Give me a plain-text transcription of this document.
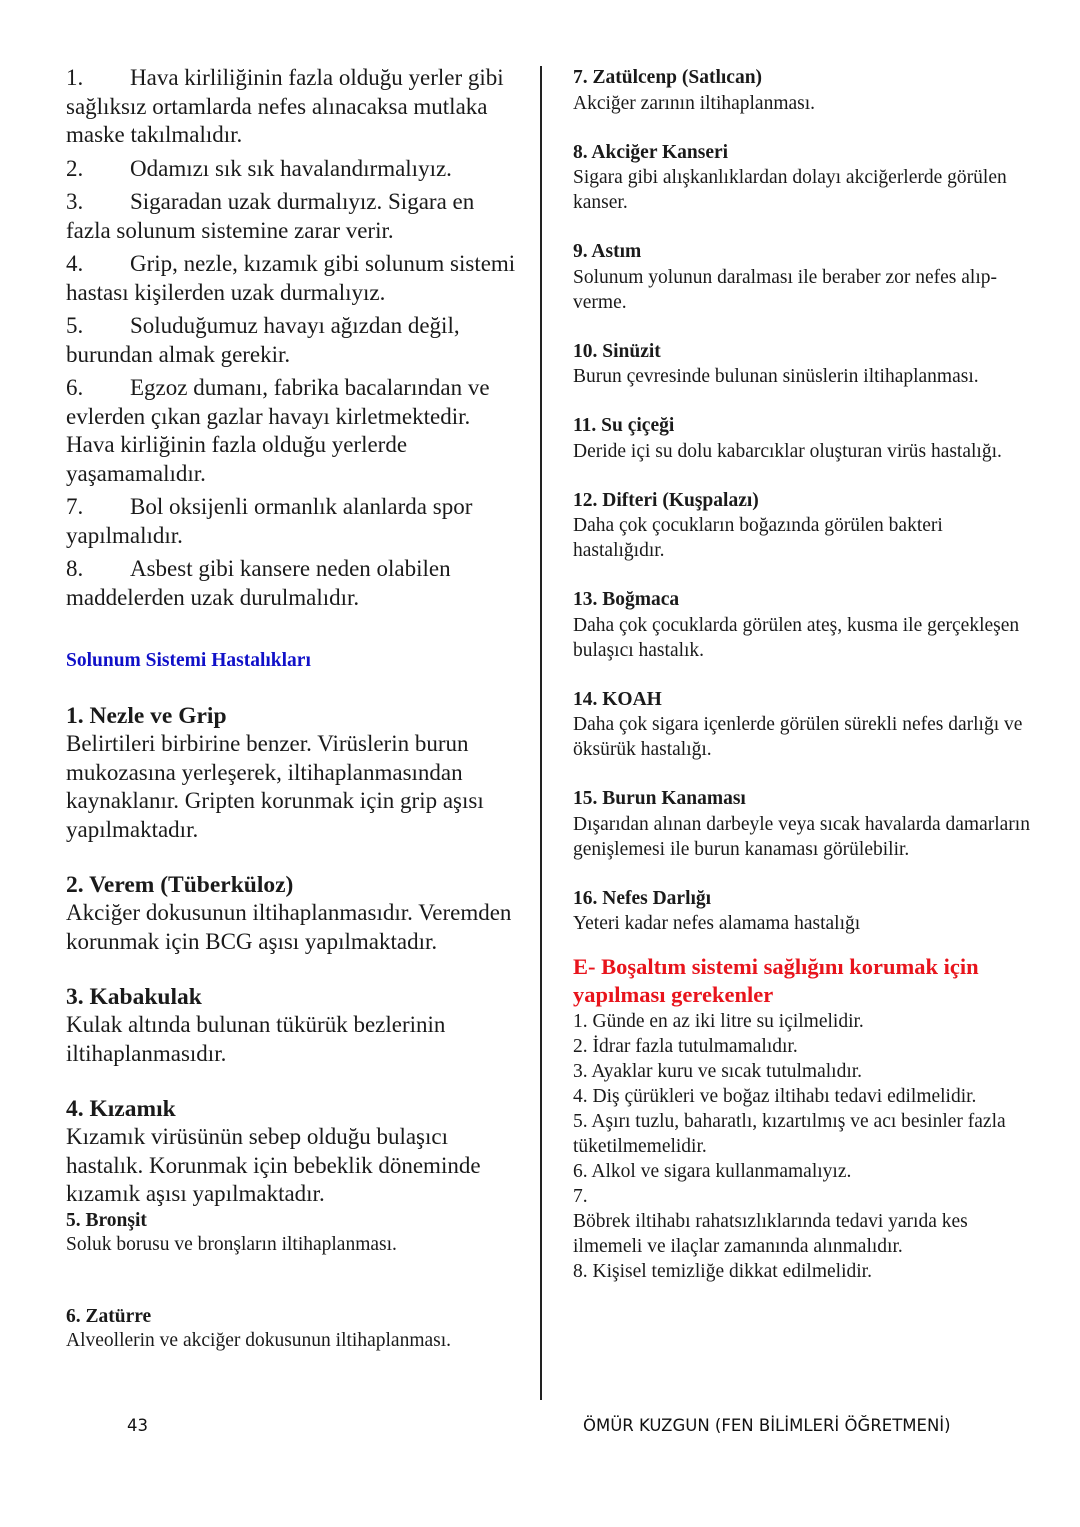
1. Hava kirliliğinin fazla olduğu yerler gibi sağlıksız ortamlarda nefes alınacaksa mutlaka maske takılmalıdır.
2. Odamızı sık sık havalandırmalıyız.
3. Sigaradan uzak durmalıyız. Sigara en fazla solunum sistemine zarar verir.
4. Grip, nezle, kızamık gibi solunum sistemi hastası kişilerden uzak durmalıyız.
5. Soluduğumuz havayı ağızdan değil, burundan almak gerekir.
6. Egzoz dumanı, fabrika bacalarından ve evlerden çıkan gazlar havayı kirletmektedir. Hava kirliğinin fazla olduğu yerlerde yaşamamalıdır.
7. Bol oksijenli ormanlık alanlarda spor yapılmalıdır.
8. Asbest gibi kansere neden olabilen maddelerden uzak durulmalıdır.
Solunum Sistemi Hastalıkları
1. Nezle ve Grip
Belirtileri birbirine benzer. Virüslerin burun mukozasına yerleşerek, iltihaplanmasından kaynaklanır. Gripten korunmak için grip aşısı yapılmaktadır.
2. Verem (Tüberküloz)
Akciğer dokusunun iltihaplanmasıdır. Veremden korunmak için BCG aşısı yapılmaktadır.
3. Kabakulak
Kulak altında bulunan tükürük bezlerinin iltihaplanmasıdır.
4. Kızamık
Kızamık virüsünün sebep olduğu bulaşıcı hastalık. Korunmak için bebeklik döneminde kızamık aşısı yapılmaktadır.
5. Bronşit
Soluk borusu ve bronşların iltihaplanması.
6. Zatürre
Alveollerin ve akciğer dokusunun iltihaplanması.
7. Zatülcenp (Satlıcan)
Akciğer zarının iltihaplanması.
8. Akciğer Kanseri
Sigara gibi alışkanlıklardan dolayı akciğerlerde görülen kanser.
9. Astım
Solunum yolunun daralması ile beraber zor nefes alıp-verme.
10. Sinüzit
Burun çevresinde bulunan sinüslerin iltihaplanması.
11. Su çiçeği
Deride içi su dolu kabarcıklar oluşturan virüs hastalığı.
12. Difteri (Kuşpalazı)
Daha çok çocukların boğazında görülen bakteri hastalığıdır.
13. Boğmaca
Daha çok çocuklarda görülen ateş, kusma ile gerçekleşen bulaşıcı hastalık.
14. KOAH
Daha çok sigara içenlerde görülen sürekli nefes darlığı ve öksürük hastalığı.
15. Burun Kanaması
Dışarıdan alınan darbeyle veya sıcak havalarda damarların genişlemesi ile burun kanaması görülebilir.
16. Nefes Darlığı
Yeteri kadar nefes alamama hastalığı
E- Boşaltım sistemi sağlığını korumak için yapılması gerekenler
1. Günde en az iki litre su içilmelidir.
2. İdrar fazla tutulmamalıdır.
3. Ayaklar kuru ve sıcak tutulmalıdır.
4. Diş çürükleri ve boğaz iltihabı tedavi edilmelidir.
5. Aşırı tuzlu, baharatlı, kızartılmış ve acı besinler fazla tüketilmemelidir.
6. Alkol ve sigara kullanmamalıyız.
7.
Böbrek iltihabı rahatsızlıklarında tedavi yarıda kes ilmemeli ve ilaçlar zamanında alınmalıdır.
8. Kişisel temizliğe dikkat edilmelidir.
43	ÖMÜR KUZGUN (FEN BİLİMLERİ ÖĞRETMENİ)
